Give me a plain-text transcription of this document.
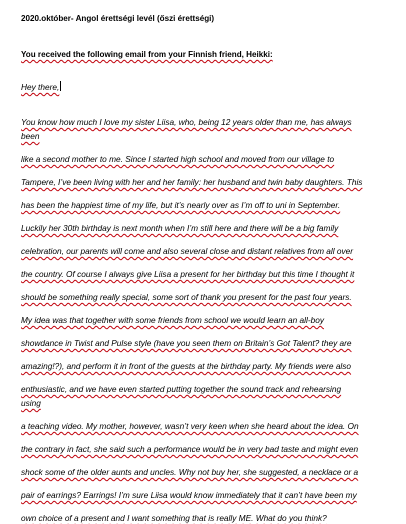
2020.október- Angol érettségi levél (őszi érettségi)
You received the following email from your Finnish friend, Heikki:
Hey there,
You know how much I love my sister Liisa, who, being 12 years older than me, has always
been
like a second mother to me. Since I started high school and moved from our village to
Tampere, I’ve been living with her and her family: her husband and twin baby daughters. This
has been the happiest time of my life, but it’s nearly over as I’m off to uni in September.
Luckily her 30th birthday is next month when I’m still here and there will be a big family
celebration, our parents will come and also several close and distant relatives from all over
the country. Of course I always give Liisa a present for her birthday but this time I thought it
should be something really special, some sort of thank you present for the past four years.
My idea was that together with some friends from school we would learn an all-boy
showdance in Twist and Pulse style (have you seen them on Britain’s Got Talent? they are
amazing!?), and perform it in front of the guests at the birthday party. My friends were also
enthusiastic, and we have even started putting together the sound track and rehearsing
using
a teaching video. My mother, however, wasn’t very keen when she heard about the idea. On
the contrary in fact, she said such a performance would be in very bad taste and might even
shock some of the older aunts and uncles. Why not buy her, she suggested, a necklace or a
pair of earrings? Earrings! I’m sure Liisa would know immediately that it can’t have been my
own choice of a present and I want something that is really ME. What do you think?
